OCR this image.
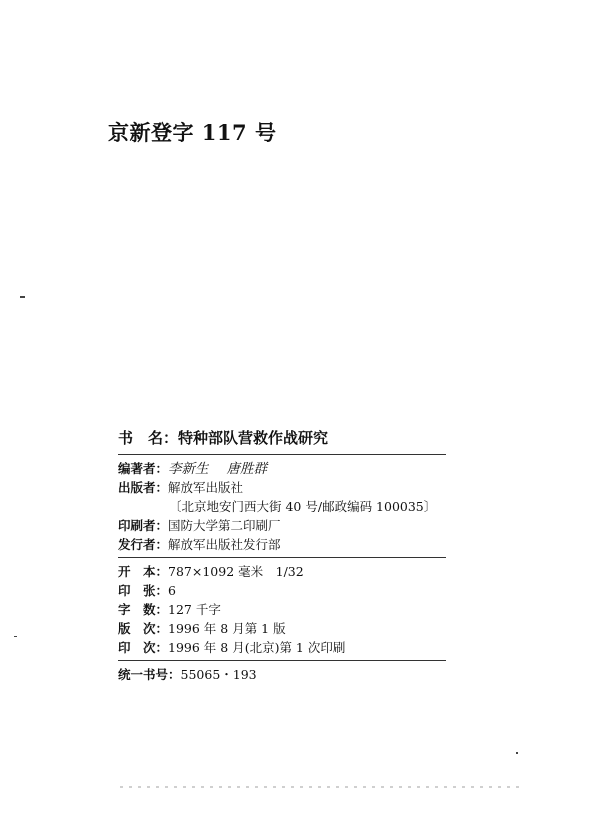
京新登字 117 号
书　名：特种部队营救作战研究
编著者：李新生 唐胜群
出版者：解放军出版社
〔北京地安门西大街 40 号/邮政编码 100035〕
印刷者：国防大学第二印刷厂
发行者：解放军出版社发行部
开　本：787×1092 毫米　1/32
印　张：6
字　数：127 千字
版　次：1996 年 8 月第 1 版
印　次：1996 年 8 月(北京)第 1 次印刷
统一书号：55065・193
